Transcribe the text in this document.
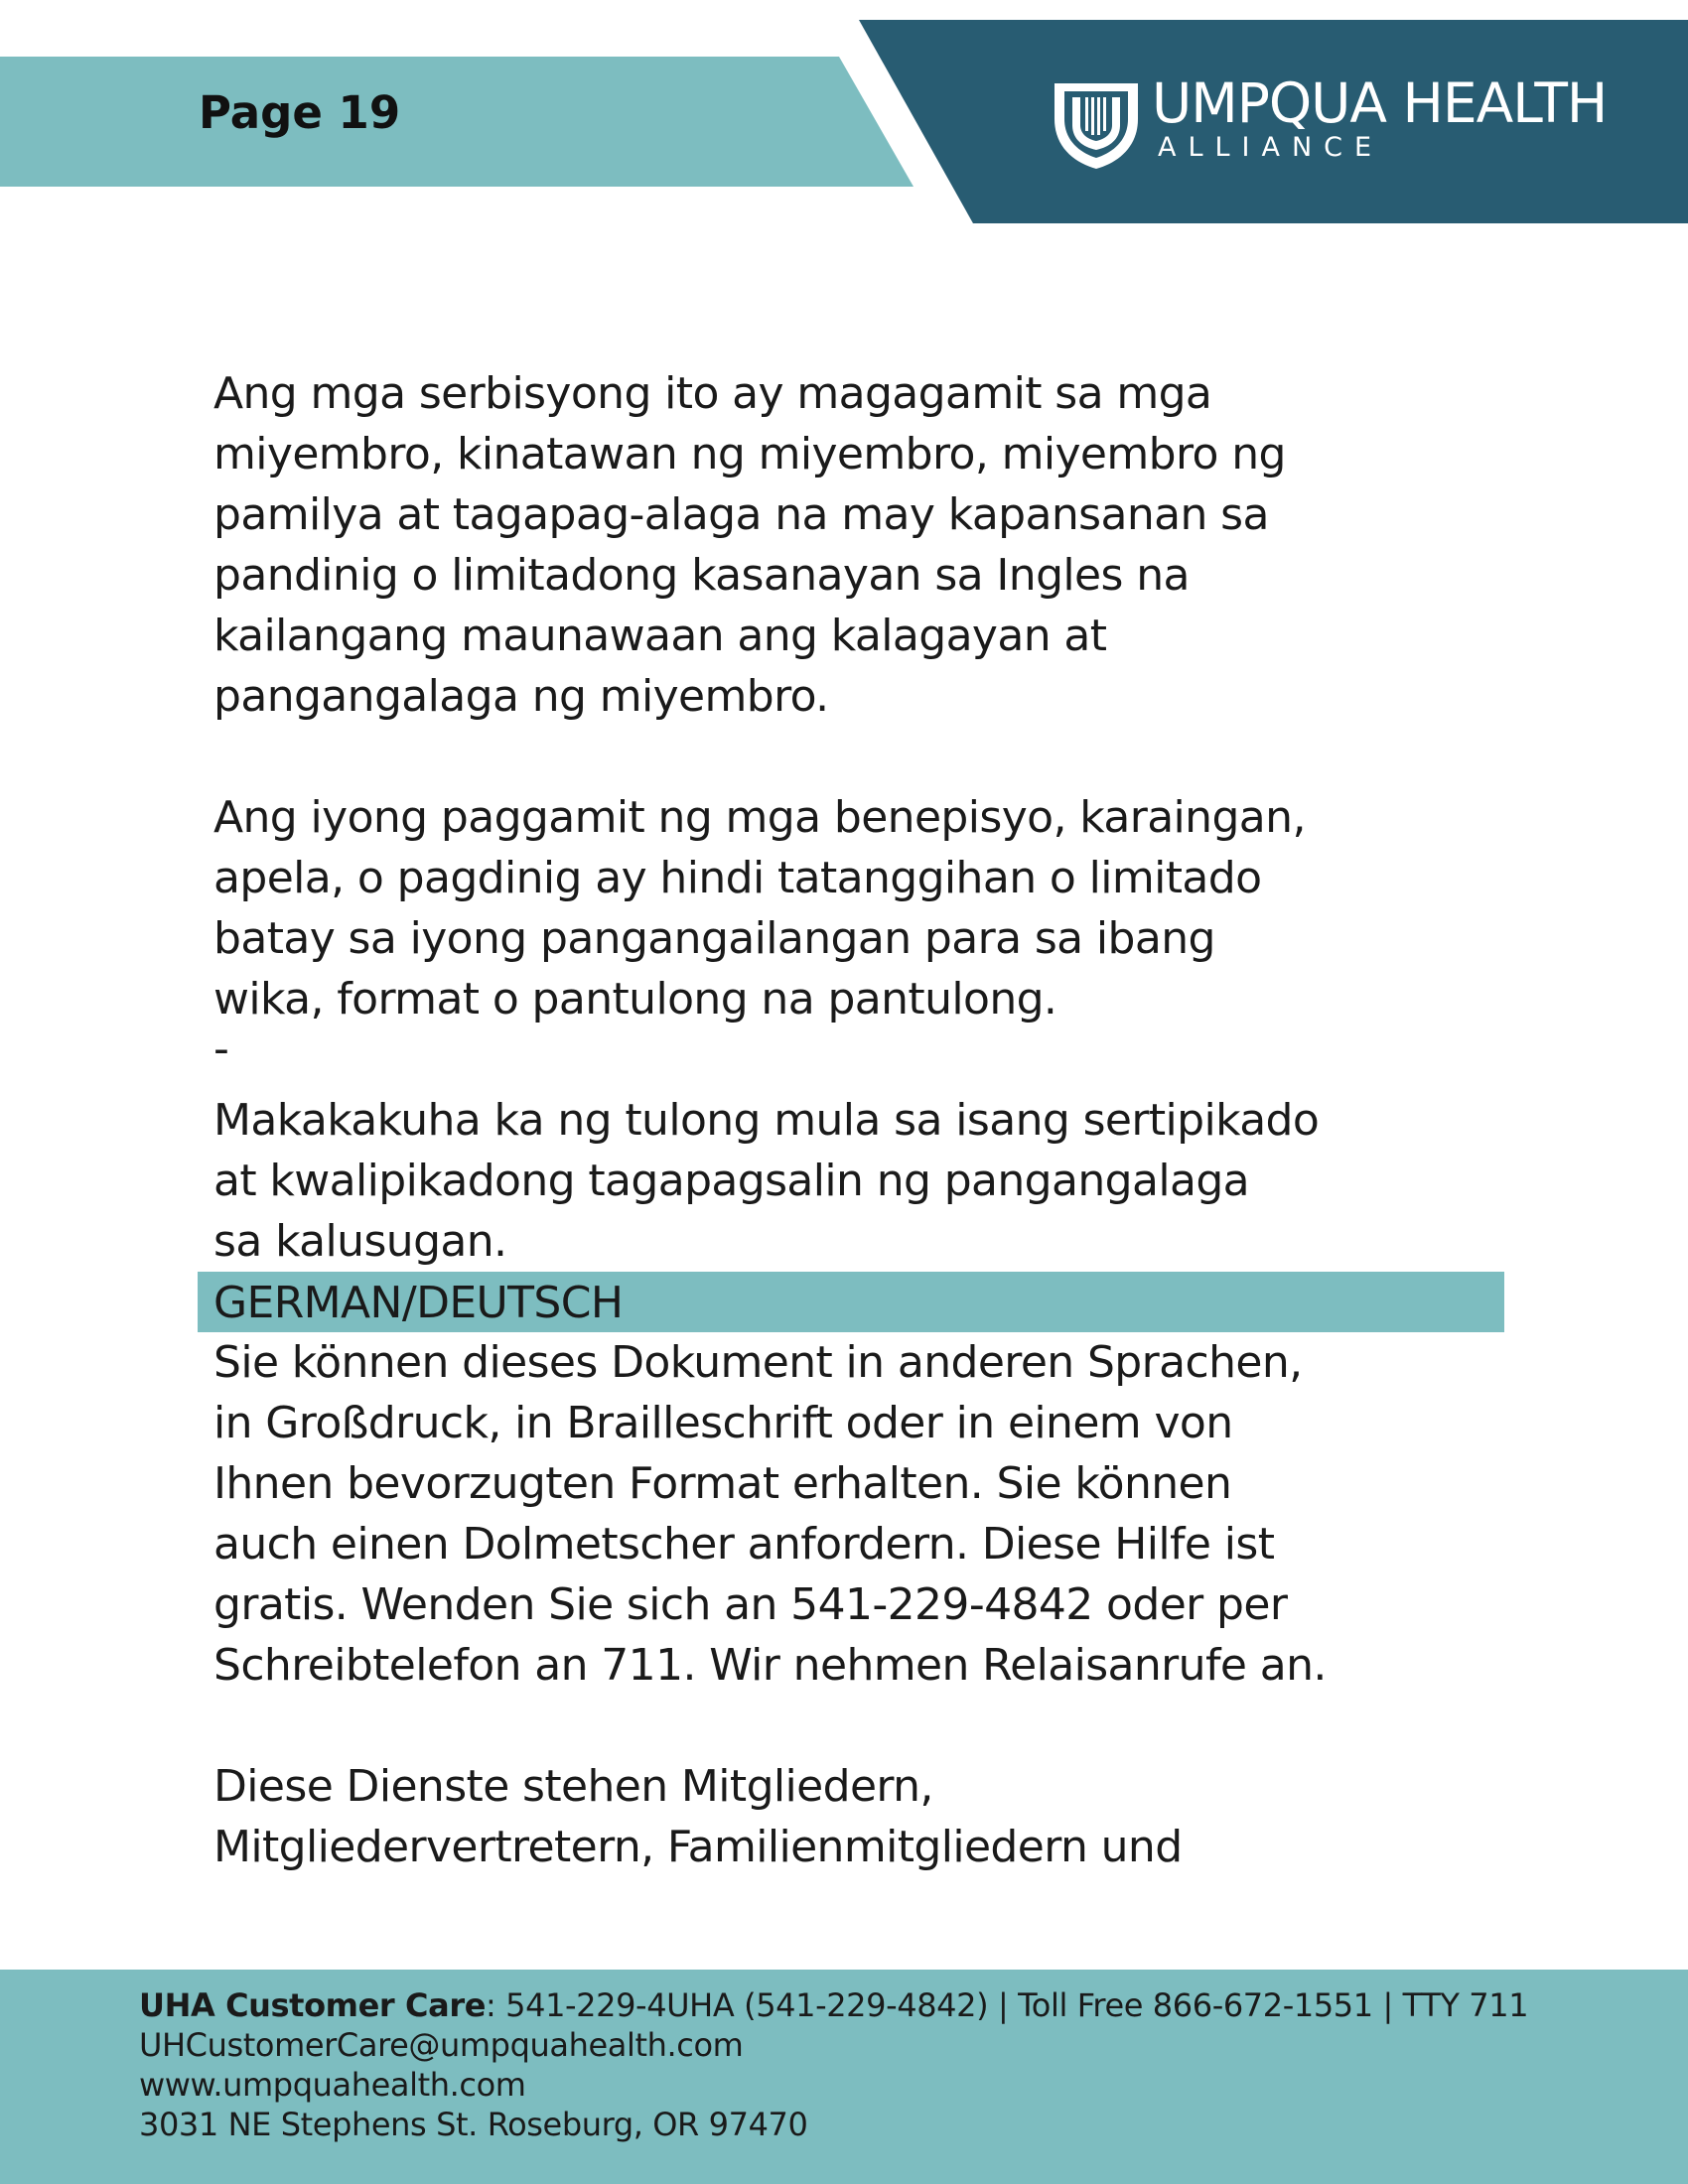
Page 19	UMPQUA HEALTH
ALLIANCE
Ang mga serbisyong ito ay magagamit sa mga
miyembro, kinatawan ng miyembro, miyembro ng
pamilya at tagapag-alaga na may kapansanan sa
pandinig o limitadong kasanayan sa Ingles na
kailangang maunawaan ang kalagayan at
pangangalaga ng miyembro.
Ang iyong paggamit ng mga benepisyo, karaingan,
apela, o pagdinig ay hindi tatanggihan o limitado
batay sa iyong pangangailangan para sa ibang
wika, format o pantulong na pantulong.
-
Makakakuha ka ng tulong mula sa isang sertipikado
at kwalipikadong tagapagsalin ng pangangalaga
sa kalusugan.
GERMAN/DEUTSCH
Sie können dieses Dokument in anderen Sprachen,
in Großdruck, in Brailleschrift oder in einem von
Ihnen bevorzugten Format erhalten. Sie können
auch einen Dolmetscher anfordern. Diese Hilfe ist
gratis. Wenden Sie sich an 541-229-4842 oder per
Schreibtelefon an 711. Wir nehmen Relaisanrufe an.
Diese Dienste stehen Mitgliedern,
Mitgliedervertretern, Familienmitgliedern und
UHA Customer Care: 541-229-4UHA (541-229-4842) | Toll Free 866-672-1551 | TTY 711
UHCustomerCare@umpquahealth.com
www.umpquahealth.com
3031 NE Stephens St. Roseburg, OR 97470
